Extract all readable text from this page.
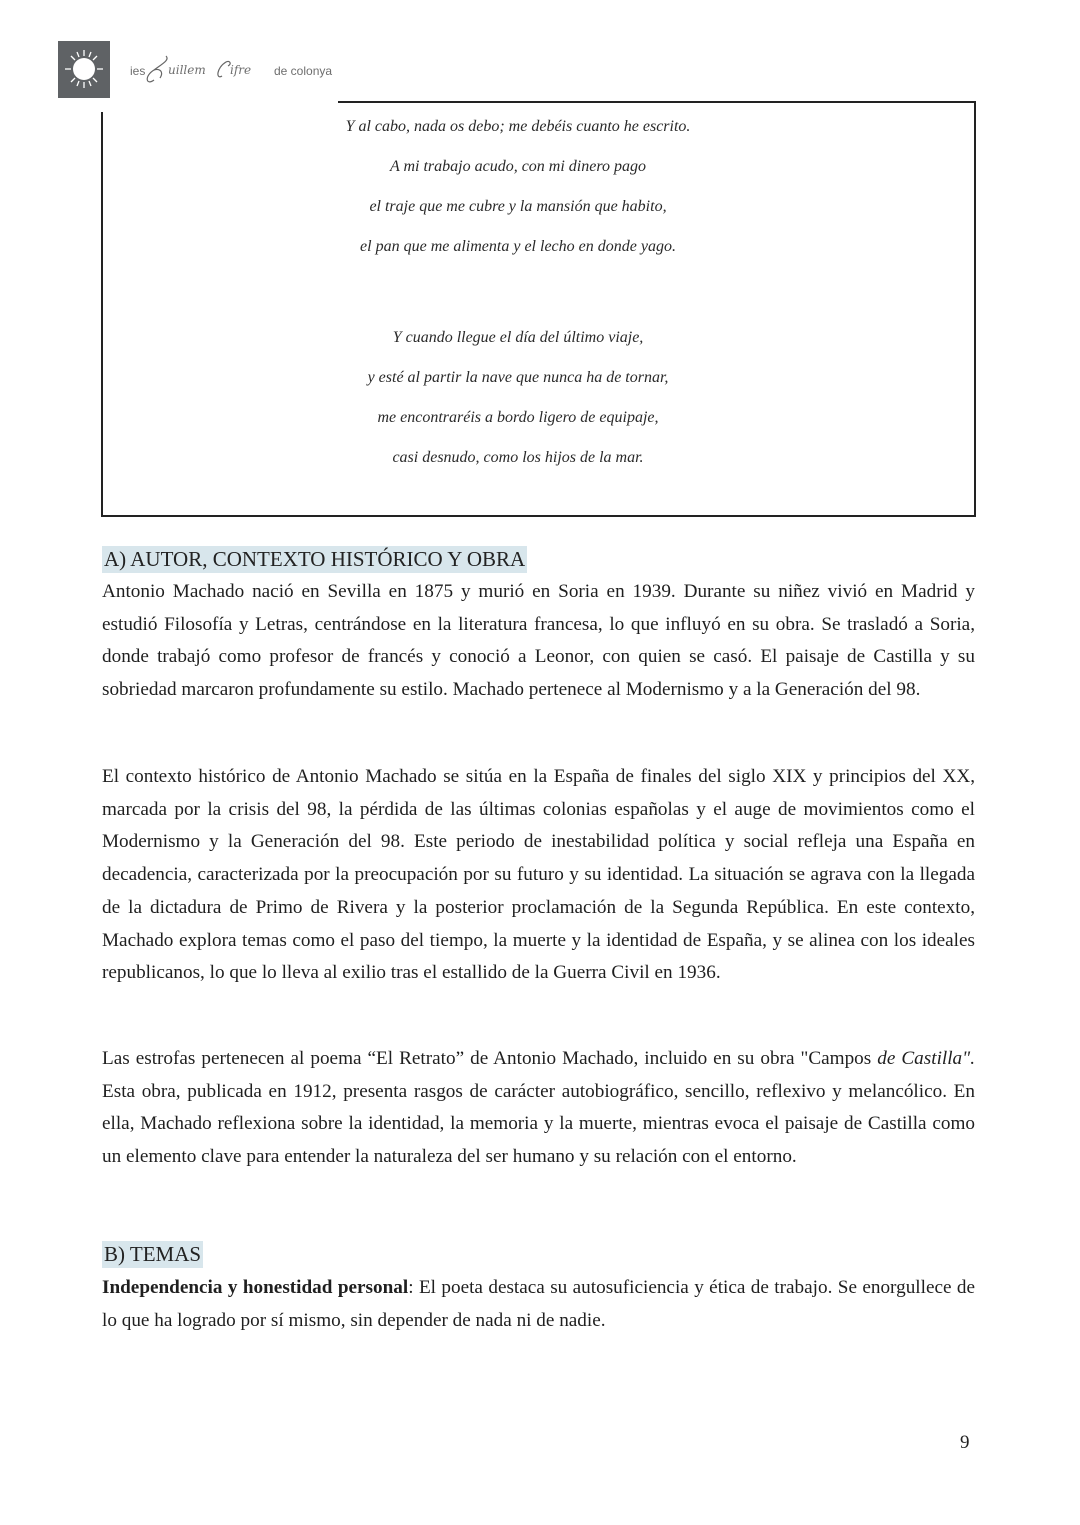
ies uillem ifre de colonya
Y al cabo, nada os debo; me debéis cuanto he escrito.
A mi trabajo acudo, con mi dinero pago
el traje que me cubre y la mansión que habito,
el pan que me alimenta y el lecho en donde yago.
Y cuando llegue el día del último viaje,
y esté al partir la nave que nunca ha de tornar,
me encontraréis a bordo ligero de equipaje,
casi desnudo, como los hijos de la mar.
A) AUTOR, CONTEXTO HISTÓRICO Y OBRA
Antonio Machado nació en Sevilla en 1875 y murió en Soria en 1939. Durante su niñez vivió en Madrid y estudió Filosofía y Letras, centrándose en la literatura francesa, lo que influyó en su obra. Se trasladó a Soria, donde trabajó como profesor de francés y conoció a Leonor, con quien se casó. El paisaje de Castilla y su sobriedad marcaron profundamente su estilo. Machado pertenece al Modernismo y a la Generación del 98.
El contexto histórico de Antonio Machado se sitúa en la España de finales del siglo XIX y principios del XX, marcada por la crisis del 98, la pérdida de las últimas colonias españolas y el auge de movimientos como el Modernismo y la Generación del 98. Este periodo de inestabilidad política y social refleja una España en decadencia, caracterizada por la preocupación por su futuro y su identidad. La situación se agrava con la llegada de la dictadura de Primo de Rivera y la posterior proclamación de la Segunda República. En este contexto, Machado explora temas como el paso del tiempo, la muerte y la identidad de España, y se alinea con los ideales republicanos, lo que lo lleva al exilio tras el estallido de la Guerra Civil en 1936.
Las estrofas pertenecen al poema “El Retrato” de Antonio Machado, incluido en su obra "Campos de Castilla". Esta obra, publicada en 1912, presenta rasgos de carácter autobiográfico, sencillo, reflexivo y melancólico. En ella, Machado reflexiona sobre la identidad, la memoria y la muerte, mientras evoca el paisaje de Castilla como un elemento clave para entender la naturaleza del ser humano y su relación con el entorno.
B) TEMAS
Independencia y honestidad personal: El poeta destaca su autosuficiencia y ética de trabajo. Se enorgullece de lo que ha logrado por sí mismo, sin depender de nada ni de nadie.
9
